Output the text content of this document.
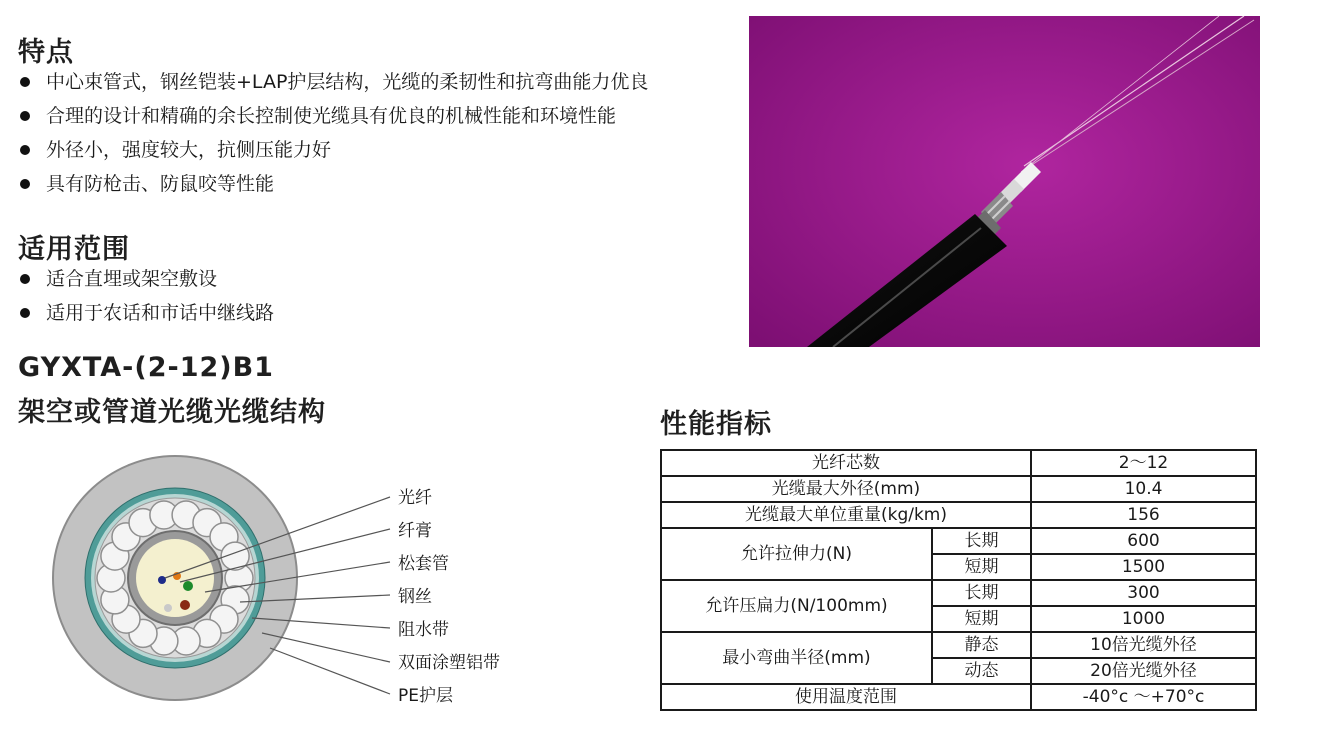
特点
中心束管式，钢丝铠装+LAP护层结构，光缆的柔韧性和抗弯曲能力优良
合理的设计和精确的余长控制使光缆具有优良的机械性能和环境性能
外径小，强度较大，抗侧压能力好
具有防枪击、防鼠咬等性能
适用范围
适合直埋或架空敷设
适用于农话和市话中继线路
GYXTA-(2-12)B1
架空或管道光缆光缆结构
光纤
纤膏
松套管
钢丝
阻水带
双面涂塑铝带
PE护层
性能指标
光纤芯数		2～12
光缆最大外径(mm)		10.4
光缆最大单位重量(kg/km)		156
允许拉伸力(N)	长期	600
	短期	1500
允许压扁力(N/100mm)	长期	300
	短期	1000
最小弯曲半径(mm)	静态	10倍光缆外径
	动态	20倍光缆外径
使用温度范围		-40°c ～+70°c
